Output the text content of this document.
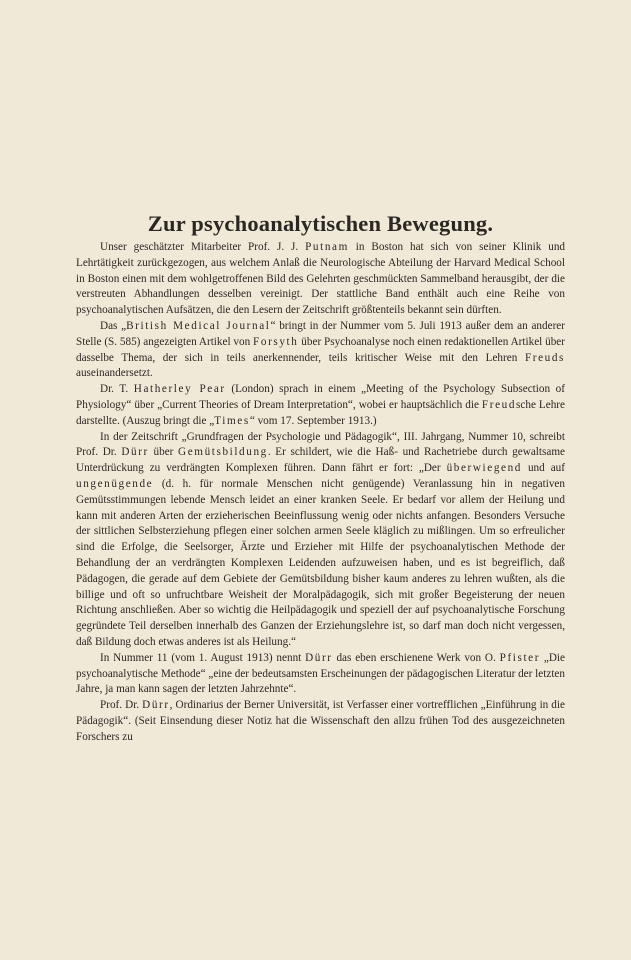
Zur psychoanalytischen Bewegung.

Unser geschätzter Mitarbeiter Prof. J. J. Putnam in Boston hat sich von seiner Klinik und Lehrtätigkeit zurückgezogen, aus welchem Anlaß die Neurologische Abteilung der Harvard Medical School in Boston einen mit dem wohlgetroffenen Bild des Gelehrten geschmückten Sammelband herausgibt, der die verstreuten Abhandlungen desselben vereinigt. Der stattliche Band enthält auch eine Reihe von psychoanalytischen Aufsätzen, die den Lesern der Zeitschrift größtenteils bekannt sein dürften.

Das „British Medical Journal“ bringt in der Nummer vom 5. Juli 1913 außer dem an anderer Stelle (S. 585) angezeigten Artikel von Forsyth über Psychoanalyse noch einen redaktionellen Artikel über dasselbe Thema, der sich in teils anerkennender, teils kritischer Weise mit den Lehren Freuds auseinandersetzt.

Dr. T. Hatherley Pear (London) sprach in einem „Meeting of the Psychology Subsection of Physiology“ über „Current Theories of Dream Interpretation“, wobei er hauptsächlich die Freudsche Lehre darstellte. (Auszug bringt die „Times“ vom 17. September 1913.)

In der Zeitschrift „Grundfragen der Psychologie und Pädagogik“, III. Jahrgang, Nummer 10, schreibt Prof. Dr. Dürr über Gemütsbildung. Er schildert, wie die Haß- und Rachetriebe durch gewaltsame Unterdrückung zu verdrängten Komplexen führen. Dann fährt er fort: „Der überwiegend und auf ungenügende (d. h. für normale Menschen nicht genügende) Veranlassung hin in negativen Gemütsstimmungen lebende Mensch leidet an einer kranken Seele. Er bedarf vor allem der Heilung und kann mit anderen Arten der erzieherischen Beeinflussung wenig oder nichts anfangen. Besonders Versuche der sittlichen Selbsterziehung pflegen einer solchen armen Seele kläglich zu mißlingen. Um so erfreulicher sind die Erfolge, die Seelsorger, Ärzte und Erzieher mit Hilfe der psychoanalytischen Methode der Behandlung der an verdrängten Komplexen Leidenden aufzuweisen haben, und es ist begreiflich, daß Pädagogen, die gerade auf dem Gebiete der Gemütsbildung bisher kaum anderes zu lehren wußten, als die billige und oft so unfruchtbare Weisheit der Moralpädagogik, sich mit großer Begeisterung der neuen Richtung anschließen. Aber so wichtig die Heilpädagogik und speziell der auf psychoanalytische Forschung gegründete Teil derselben innerhalb des Ganzen der Erziehungslehre ist, so darf man doch nicht vergessen, daß Bildung doch etwas anderes ist als Heilung.“

In Nummer 11 (vom 1. August 1913) nennt Dürr das eben erschienene Werk von O. Pfister „Die psychoanalytische Methode“ „eine der bedeutsamsten Erscheinungen der pädagogischen Literatur der letzten Jahre, ja man kann sagen der letzten Jahrzehnte“.

Prof. Dr. Dürr, Ordinarius der Berner Universität, ist Verfasser einer vortrefflichen „Einführung in die Pädagogik“. (Seit Einsendung dieser Notiz hat die Wissenschaft den allzu frühen Tod des ausgezeichneten Forschers zu
